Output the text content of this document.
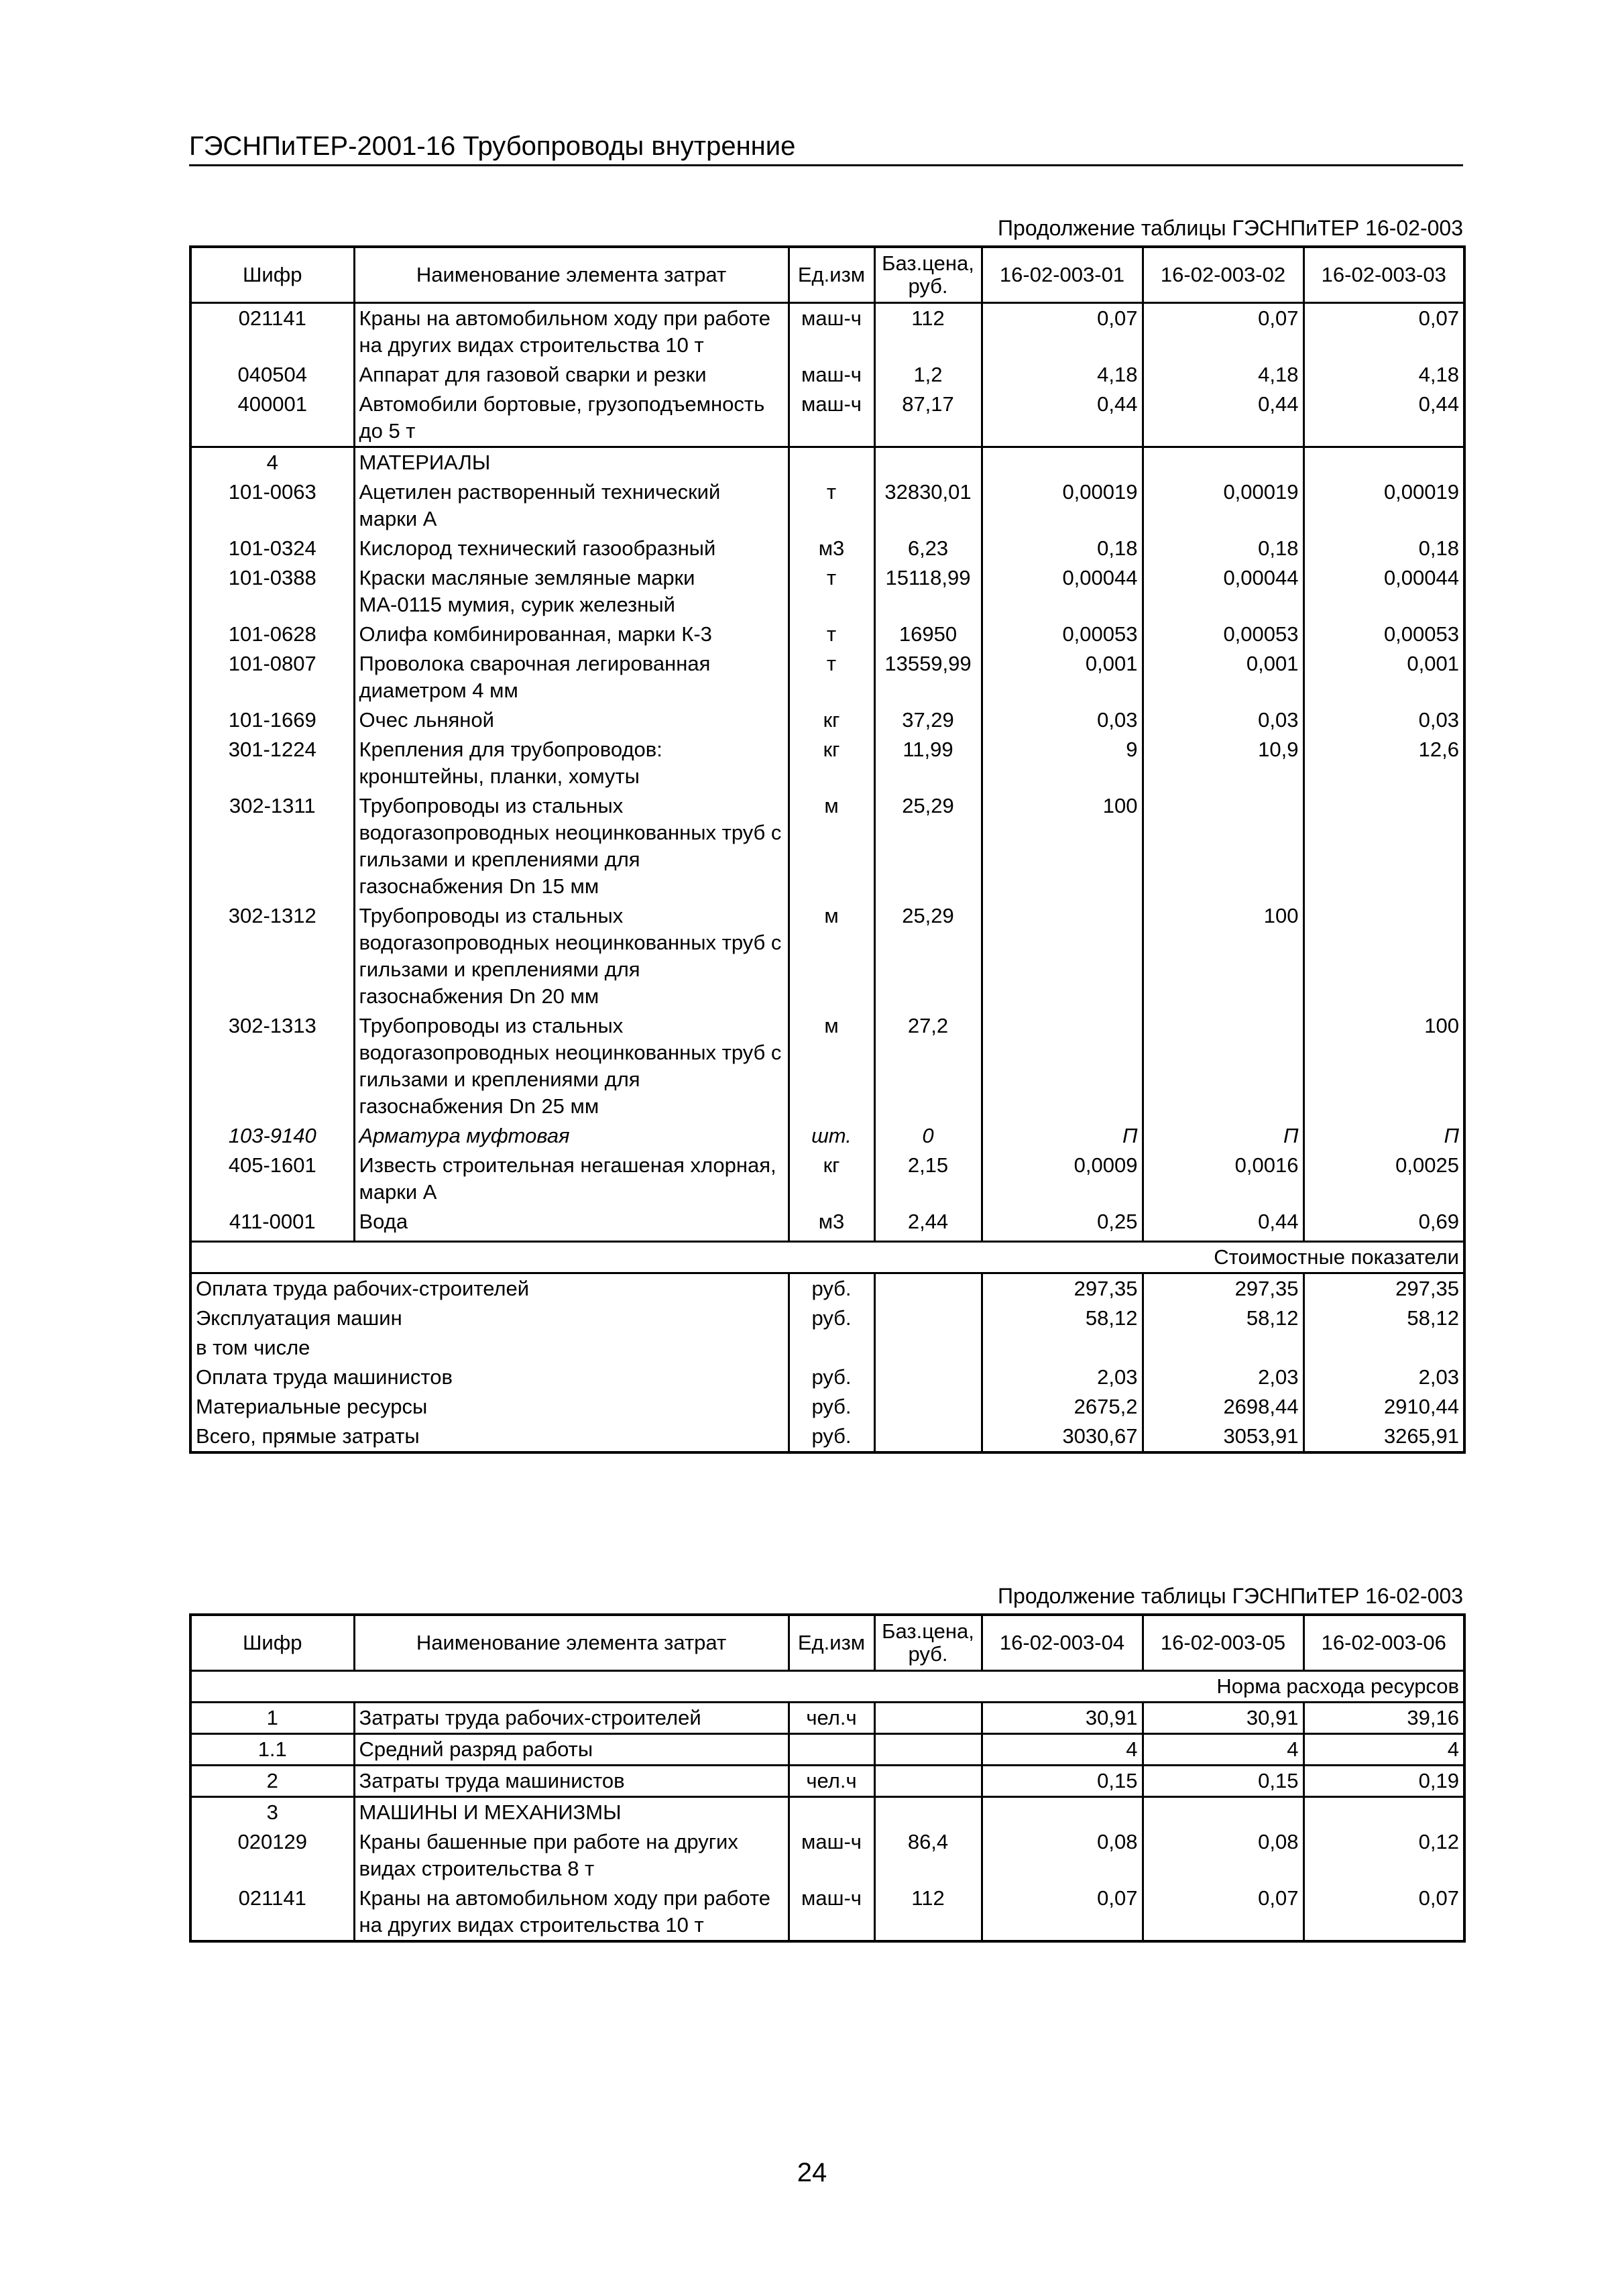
ГЭСНПиТЕР-2001-16 Трубопроводы внутренние
Продолжение таблицы ГЭСНПиТЕР 16-02-003
Шифр	Наименование элемента затрат	Ед.изм	Баз.цена, руб.	16-02-003-01	16-02-003-02	16-02-003-03
021141	Краны на автомобильном ходу при работе на других видах строительства 10 т	маш-ч	112	0,07	0,07	0,07
040504	Аппарат для газовой сварки и резки	маш-ч	1,2	4,18	4,18	4,18
400001	Автомобили бортовые, грузоподъемность до 5 т	маш-ч	87,17	0,44	0,44	0,44
4	МАТЕРИАЛЫ					
101-0063	Ацетилен растворенный технический марки А	т	32830,01	0,00019	0,00019	0,00019
101-0324	Кислород технический газообразный	м3	6,23	0,18	0,18	0,18
101-0388	Краски масляные земляные марки МА-0115 мумия, сурик железный	т	15118,99	0,00044	0,00044	0,00044
101-0628	Олифа комбинированная, марки К-3	т	16950	0,00053	0,00053	0,00053
101-0807	Проволока сварочная легированная диаметром 4 мм	т	13559,99	0,001	0,001	0,001
101-1669	Очес льняной	кг	37,29	0,03	0,03	0,03
301-1224	Крепления для трубопроводов: кронштейны, планки, хомуты	кг	11,99	9	10,9	12,6
302-1311	Трубопроводы из стальных водогазопроводных неоцинкованных труб с гильзами и креплениями для газоснабжения Dn 15 мм	м	25,29	100		
302-1312	Трубопроводы из стальных водогазопроводных неоцинкованных труб с гильзами и креплениями для газоснабжения Dn 20 мм	м	25,29		100	
302-1313	Трубопроводы из стальных водогазопроводных неоцинкованных труб с гильзами и креплениями для газоснабжения Dn 25 мм	м	27,2			100
103-9140	Арматура муфтовая	шт.	0	П	П	П
405-1601	Известь строительная негашеная хлорная, марки А	кг	2,15	0,0009	0,0016	0,0025
411-0001	Вода	м3	2,44	0,25	0,44	0,69

Стоимостные показатели						
Оплата труда рабочих-строителей		руб.		297,35	297,35	297,35
Эксплуатация машин		руб.		58,12	58,12	58,12
в том числе						
Оплата труда машинистов		руб.		2,03	2,03	2,03
Материальные ресурсы		руб.		2675,2	2698,44	2910,44
Всего, прямые затраты		руб.		3030,67	3053,91	3265,91
Продолжение таблицы ГЭСНПиТЕР 16-02-003
Шифр	Наименование элемента затрат	Ед.изм	Баз.цена, руб.	16-02-003-04	16-02-003-05	16-02-003-06
Норма расхода ресурсов						
1	Затраты труда рабочих-строителей	чел.ч		30,91	30,91	39,16
1.1	Средний разряд работы			4	4	4
2	Затраты труда машинистов	чел.ч		0,15	0,15	0,19
3	МАШИНЫ И МЕХАНИЗМЫ					
020129	Краны башенные при работе на других видах строительства 8 т	маш-ч	86,4	0,08	0,08	0,12
021141	Краны на автомобильном ходу при работе на других видах строительства 10 т	маш-ч	112	0,07	0,07	0,07
24
